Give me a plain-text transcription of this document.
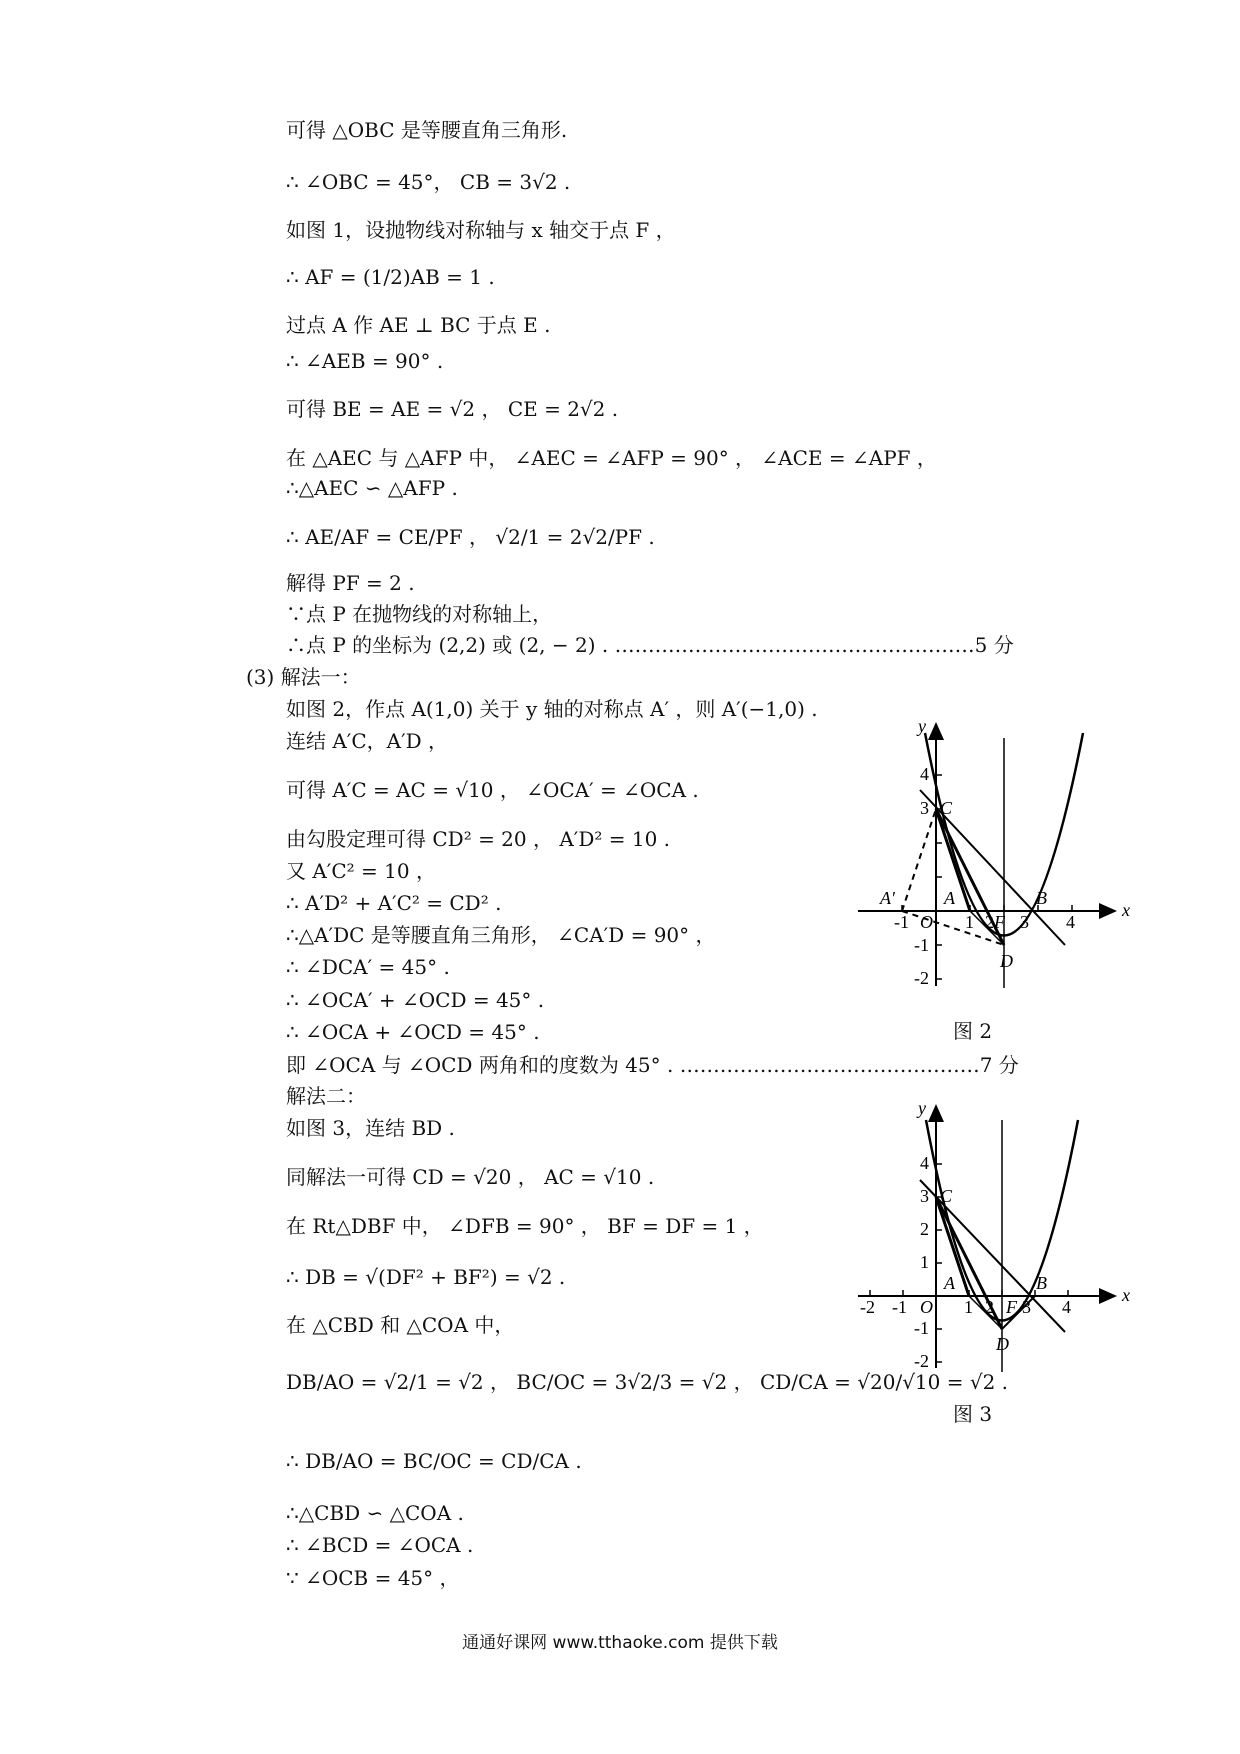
可得 △OBC 是等腰直角三角形.
∴ ∠OBC = 45°， CB = 3√2 .
如图 1，设抛物线对称轴与 x 轴交于点 F ，
∴ AF = (1/2)AB = 1 .
过点 A 作 AE ⊥ BC 于点 E .
∴ ∠AEB = 90° .
可得 BE = AE = √2 ， CE = 2√2 .
在 △AEC 与 △AFP 中， ∠AEC = ∠AFP = 90° ， ∠ACE = ∠APF ，
∴△AEC ∽ △AFP .
∴ AE/AF = CE/PF ， √2/1 = 2√2/PF .
解得 PF = 2 .
∵点 P 在抛物线的对称轴上，
∴点 P 的坐标为 (2,2) 或 (2, − 2) . ………………………………………………5 分
(3) 解法一：
如图 2，作点 A(1,0) 关于 y 轴的对称点 A′ ，则 A′(−1,0) .
连结 A′C，A′D ，
可得 A′C = AC = √10 ， ∠OCA′ = ∠OCA .
由勾股定理可得 CD² = 20 ， A′D² = 10 .
又 A′C² = 10 ，
∴ A′D² + A′C² = CD² .
∴△A′DC 是等腰直角三角形， ∠CA′D = 90° ，
∴ ∠DCA′ = 45° .
∴ ∠OCA′ + ∠OCD = 45° .
∴ ∠OCA + ∠OCD = 45° .
即 ∠OCA 与 ∠OCD 两角和的度数为 45° . ………………………………………7 分
解法二：
如图 3，连结 BD .
同解法一可得 CD = √20 ， AC = √10 .
在 Rt△DBF 中， ∠DFB = 90° ， BF = DF = 1 ，
∴ DB = √(DF² + BF²) = √2 .
在 △CBD 和 △COA 中，
DB/AO = √2/1 = √2 ， BC/OC = 3√2/3 = √2 ， CD/CA = √20/√10 = √2 .
∴ DB/AO = BC/OC = CD/CA .
∴△CBD ∽ △COA .
∴ ∠BCD = ∠OCA .
∵ ∠OCB = 45° ，
y
x
A′	A	B
C
D
F
O
4
3
-1
-2
-1	1 2 3 4
图 2
y
x
A	B
C
D
F
O
4
3
2
1
-1
-2
-2 -1	1 2 3 4
图 3
通通好课网 www.tthaoke.com 提供下载
